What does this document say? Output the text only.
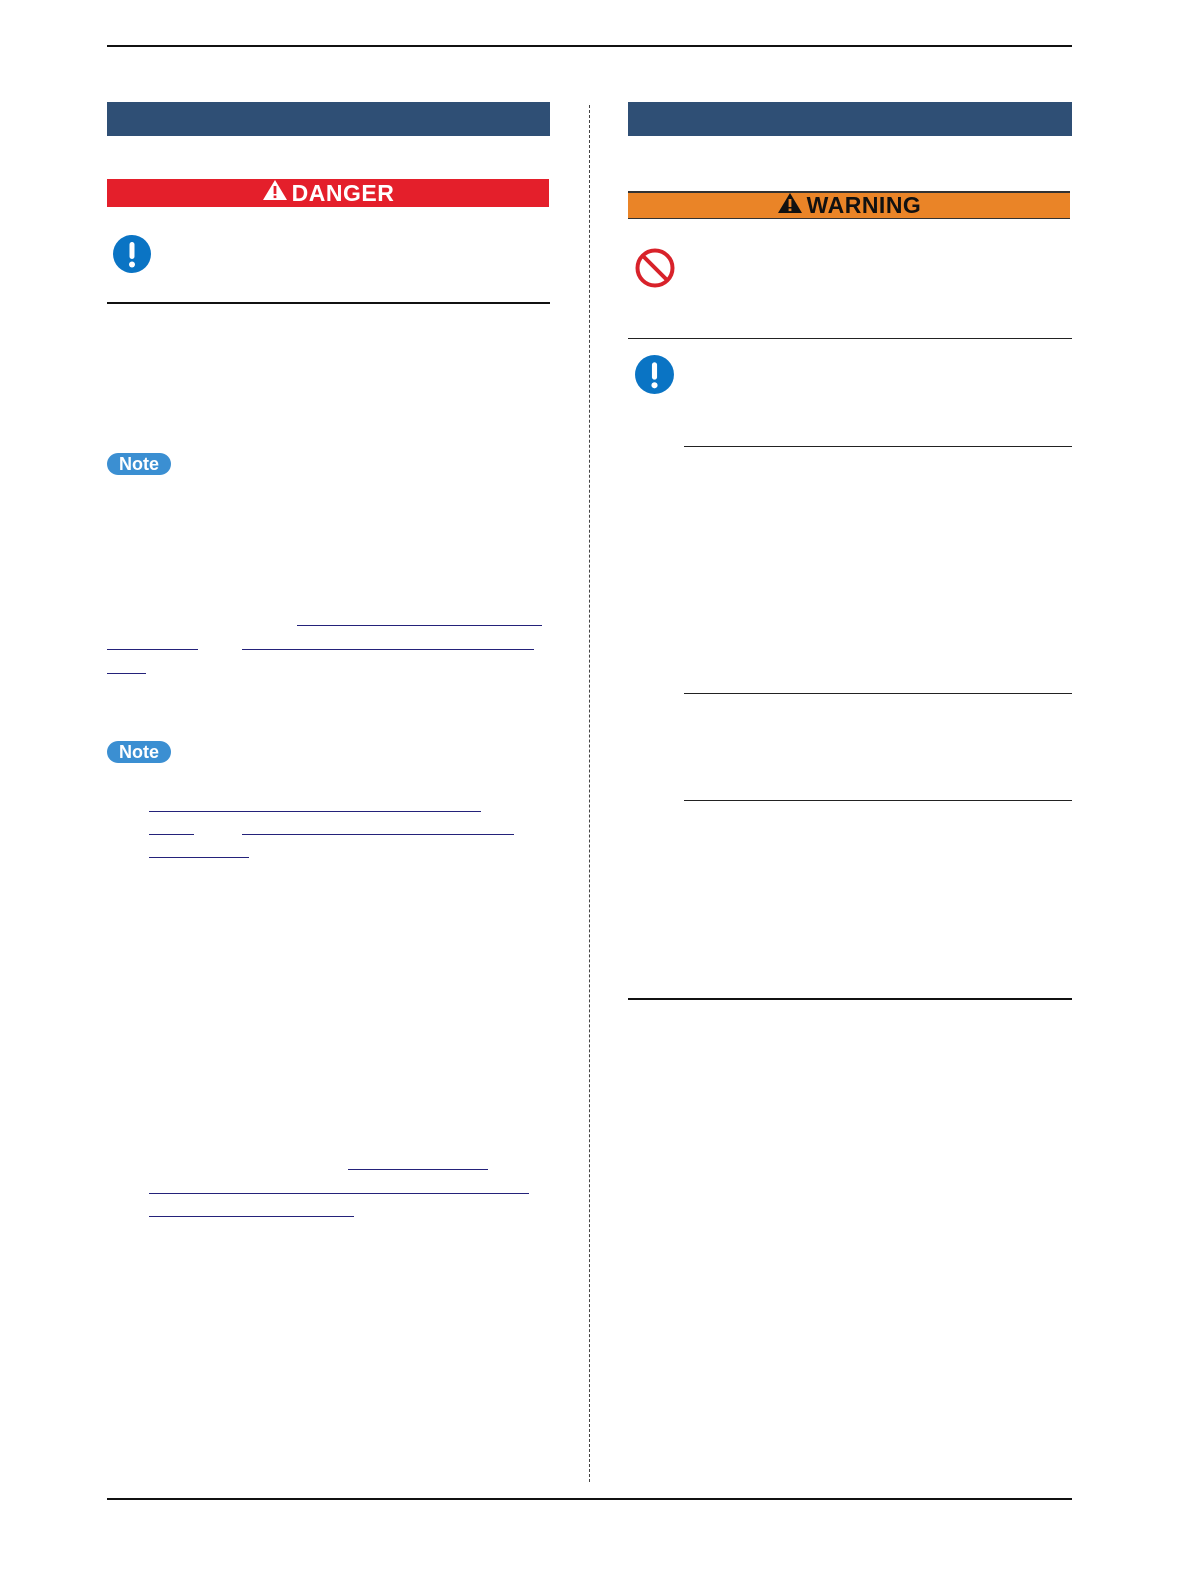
DANGER
Note
Note
WARNING
